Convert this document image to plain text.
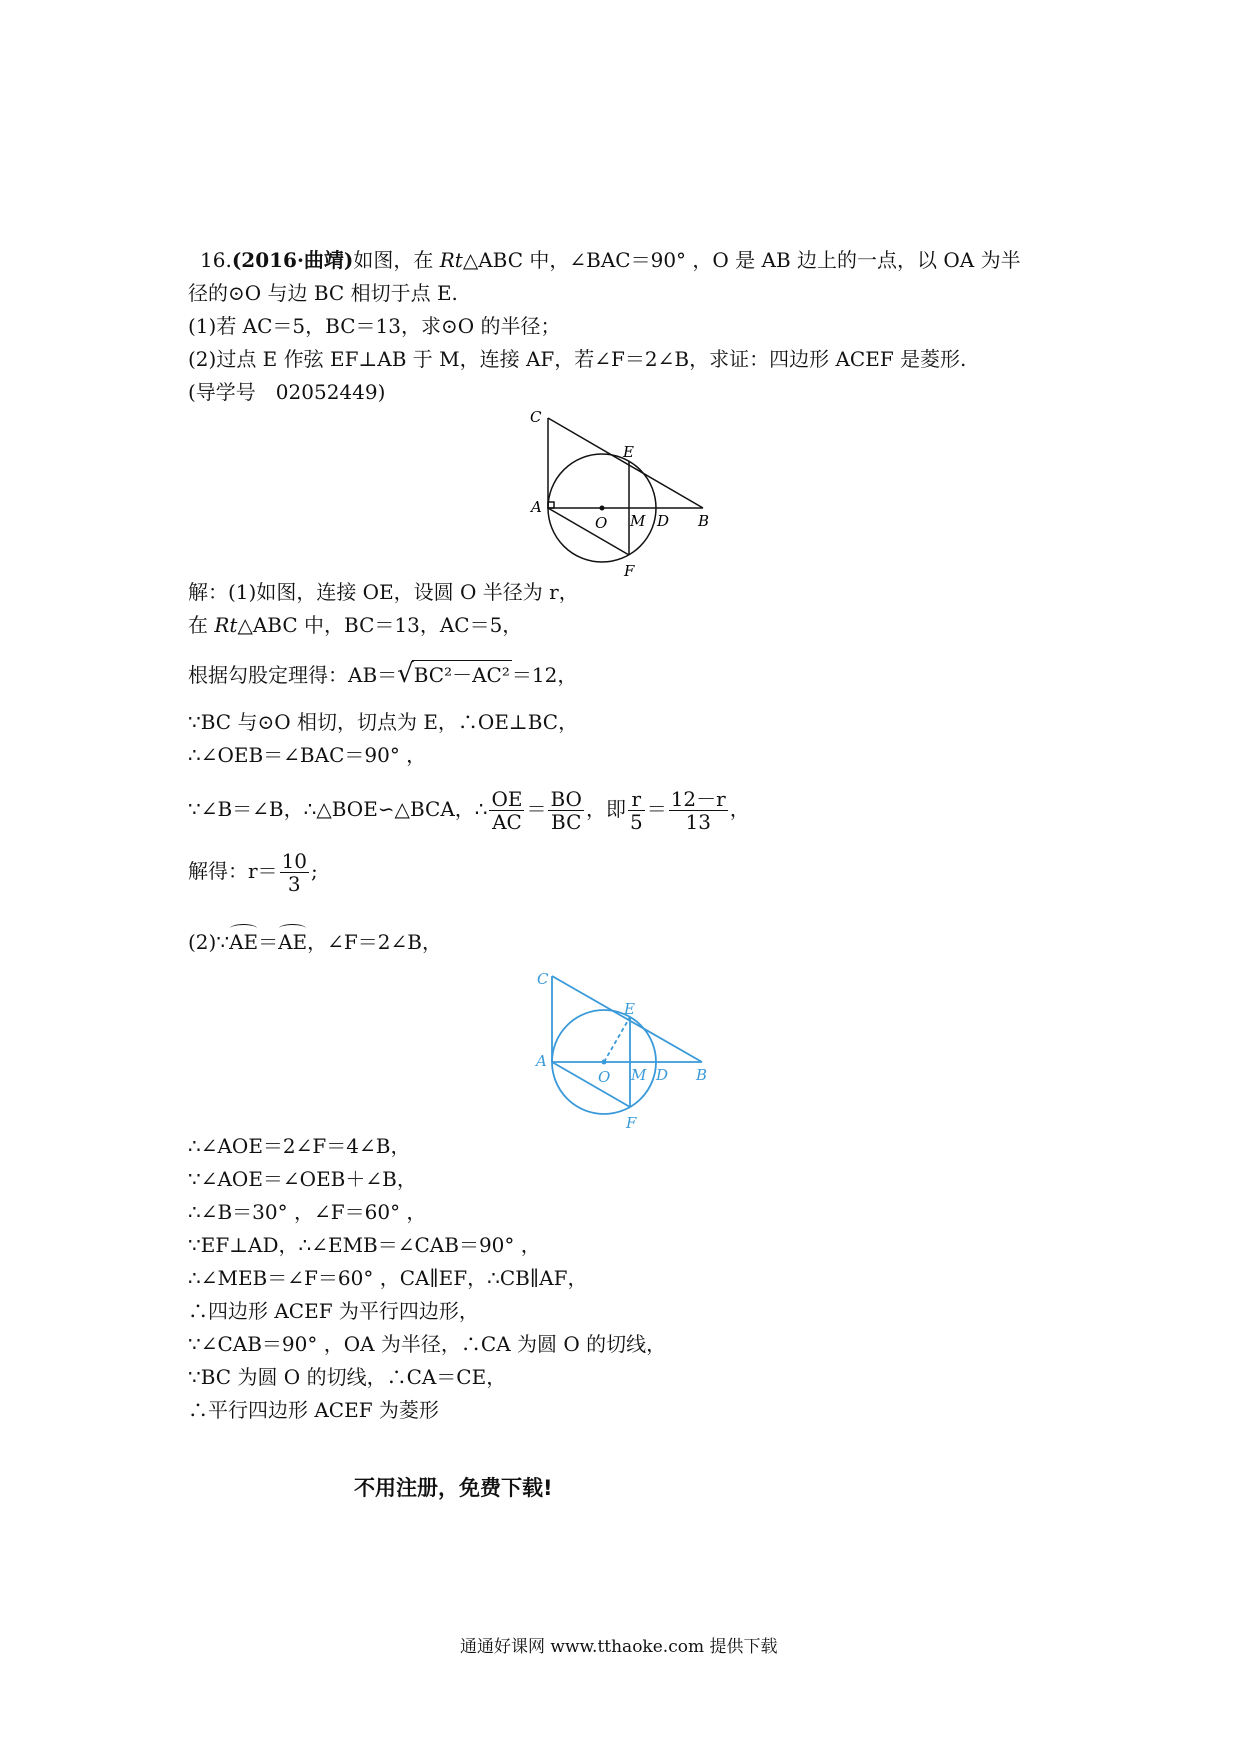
16.(2016·曲靖)如图，在 Rt△ABC 中，∠BAC＝90° ，O 是 AB 边上的一点，以 OA 为半
径的⊙O 与边 BC 相切于点 E.
(1)若 AC＝5，BC＝13，求⊙O 的半径；
(2)过点 E 作弦 EF⊥AB 于 M，连接 AF，若∠F＝2∠B，求证：四边形 ACEF 是菱形.
(导学号　02052449)
C
E
A
O M D B
F
解：(1)如图，连接 OE，设圆 O 半径为 r，
在 Rt△ABC 中，BC＝13，AC＝5，
根据勾股定理得：AB＝√BC²－AC² ＝12，
∵BC 与⊙O 相切，切点为 E，∴OE⊥BC，
∴∠OEB＝∠BAC＝90° ，
∵∠B＝∠B，∴△BOE∽△BCA，∴ $\frac{OE}{AC} = \frac{BO}{BC}$ ，即 $\frac{r}{5} = \frac{12-r}{13}$ ，
解得：$r= \frac{10}{3}$ ;
(2)∵AE＝AE，∠F＝2∠B，
C
E
A
O M D B
F
∴∠AOE＝2∠F＝4∠B，
∵∠AOE＝∠OEB＋∠B，
∴∠B＝30° ，∠F＝60° ，
∵EF⊥AD，∴∠EMB＝∠CAB＝90° ，
∴∠MEB＝∠F＝60° ，CA∥EF，∴CB∥AF，
∴四边形 ACEF 为平行四边形，
∵∠CAB＝90° ，OA 为半径，∴CA 为圆 O 的切线，
∵BC 为圆 O 的切线，∴CA＝CE，
∴平行四边形 ACEF 为菱形
不用注册，免费下载!
通通好课网 www.tthaoke.com 提供下载
